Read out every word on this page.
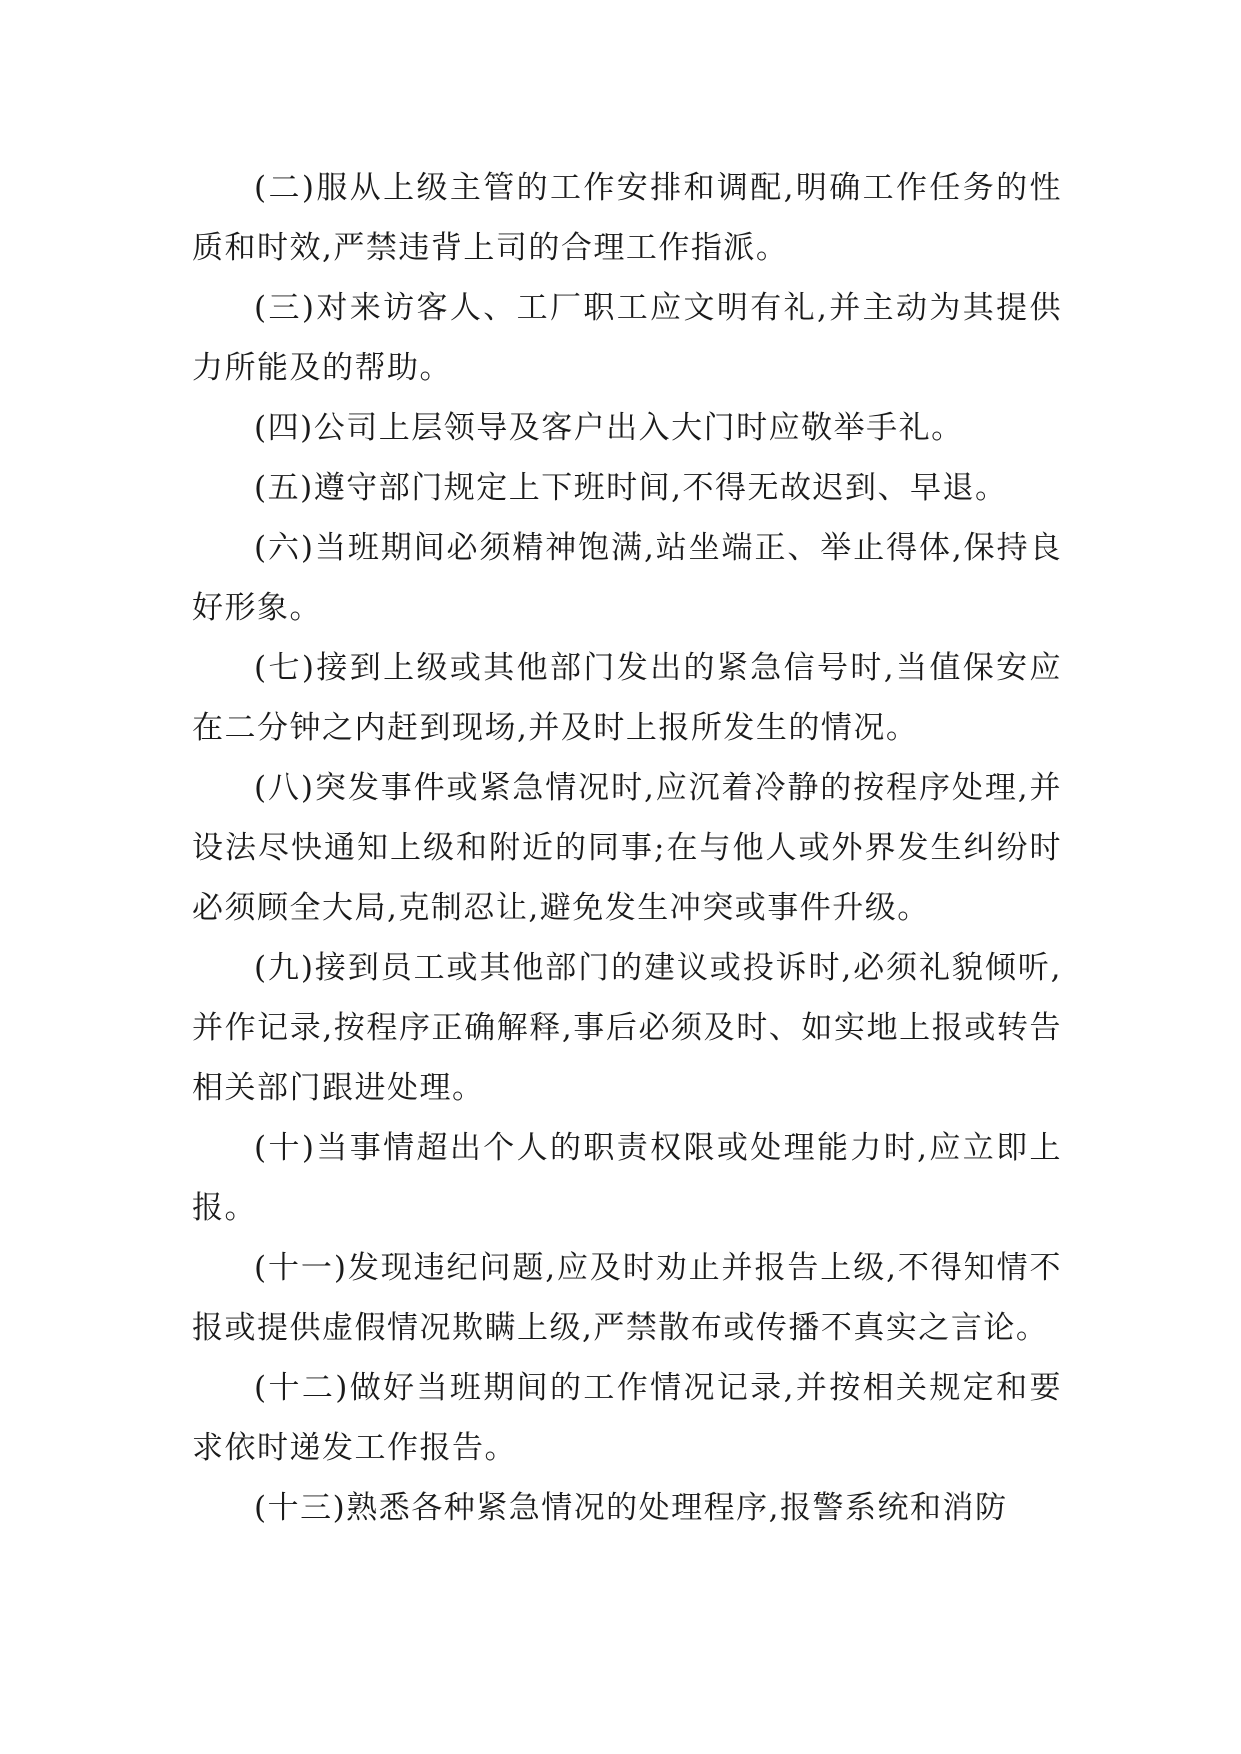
(二)服从上级主管的工作安排和调配,明确工作任务的性质和时效,严禁违背上司的合理工作指派。

(三)对来访客人、工厂职工应文明有礼,并主动为其提供力所能及的帮助。

(四)公司上层领导及客户出入大门时应敬举手礼。

(五)遵守部门规定上下班时间,不得无故迟到、早退。

(六)当班期间必须精神饱满,站坐端正、举止得体,保持良好形象。

(七)接到上级或其他部门发出的紧急信号时,当值保安应在二分钟之内赶到现场,并及时上报所发生的情况。

(八)突发事件或紧急情况时,应沉着冷静的按程序处理,并设法尽快通知上级和附近的同事;在与他人或外界发生纠纷时必须顾全大局,克制忍让,避免发生冲突或事件升级。

(九)接到员工或其他部门的建议或投诉时,必须礼貌倾听,并作记录,按程序正确解释,事后必须及时、如实地上报或转告相关部门跟进处理。

(十)当事情超出个人的职责权限或处理能力时,应立即上报。

(十一)发现违纪问题,应及时劝止并报告上级,不得知情不报或提供虚假情况欺瞒上级,严禁散布或传播不真实之言论。

(十二)做好当班期间的工作情况记录,并按相关规定和要求依时递发工作报告。

(十三)熟悉各种紧急情况的处理程序,报警系统和消防
